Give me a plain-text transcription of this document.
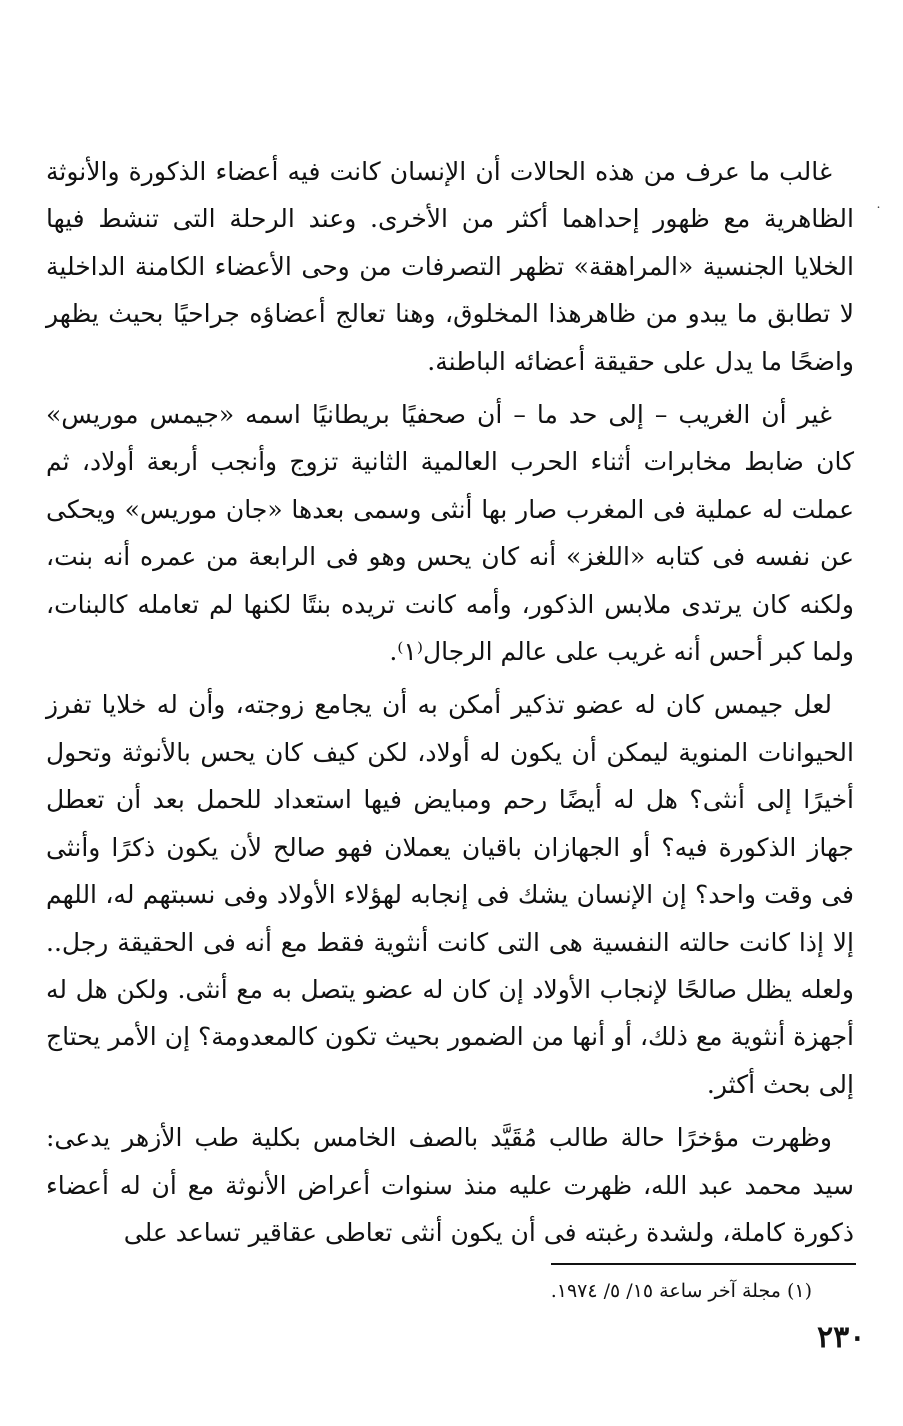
˙

غالب ما عرف من هذه الحالات أن الإنسان كانت فيه أعضاء الذكورة والأنوثة الظاهرية مع ظهور إحداهما أكثر من الأخرى. وعند الرحلة التى تنشط فيها الخلايا الجنسية «المراهقة» تظهر التصرفات من وحى الأعضاء الكامنة الداخلية لا تطابق ما يبدو من ظاهرهذا المخلوق، وهنا تعالج أعضاؤه جراحيًا بحيث يظهر واضحًا ما يدل على حقيقة أعضائه الباطنة.

غير أن الغريب – إلى حد ما – أن صحفيًا بريطانيًا اسمه «جيمس موريس» كان ضابط مخابرات أثناء الحرب العالمية الثانية تزوج وأنجب أربعة أولاد، ثم عملت له عملية فى المغرب صار بها أنثى وسمى بعدها «جان موريس» ويحكى عن نفسه فى كتابه «اللغز» أنه كان يحس وهو فى الرابعة من عمره أنه بنت، ولكنه كان يرتدى ملابس الذكور، وأمه كانت تريده بنتًا لكنها لم تعامله كالبنات، ولما كبر أحس أنه غريب على عالم الرجال⁽١⁾.

لعل جيمس كان له عضو تذكير أمكن به أن يجامع زوجته، وأن له خلايا تفرز الحيوانات المنوية ليمكن أن يكون له أولاد، لكن كيف كان يحس بالأنوثة وتحول أخيرًا إلى أنثى؟ هل له أيضًا رحم ومبايض فيها استعداد للحمل بعد أن تعطل جهاز الذكورة فيه؟ أو الجهازان باقيان يعملان فهو صالح لأن يكون ذكرًا وأنثى فى وقت واحد؟ إن الإنسان يشك فى إنجابه لهؤلاء الأولاد وفى نسبتهم له، اللهم إلا إذا كانت حالته النفسية هى التى كانت أنثوية فقط مع أنه فى الحقيقة رجل.. ولعله يظل صالحًا لإنجاب الأولاد إن كان له عضو يتصل به مع أنثى. ولكن هل له أجهزة أنثوية مع ذلك، أو أنها من الضمور بحيث تكون كالمعدومة؟ إن الأمر يحتاج إلى بحث أكثر.

وظهرت مؤخرًا حالة طالب مُقَيَّد بالصف الخامس بكلية طب الأزهر يدعى: سيد محمد عبد الله، ظهرت عليه منذ سنوات أعراض الأنوثة مع أن له أعضاء ذكورة كاملة، ولشدة رغبته فى أن يكون أنثى تعاطى عقاقير تساعد على

(١) مجلة آخر ساعة ١٥/ ٥/ ١٩٧٤.

٢٣٠
